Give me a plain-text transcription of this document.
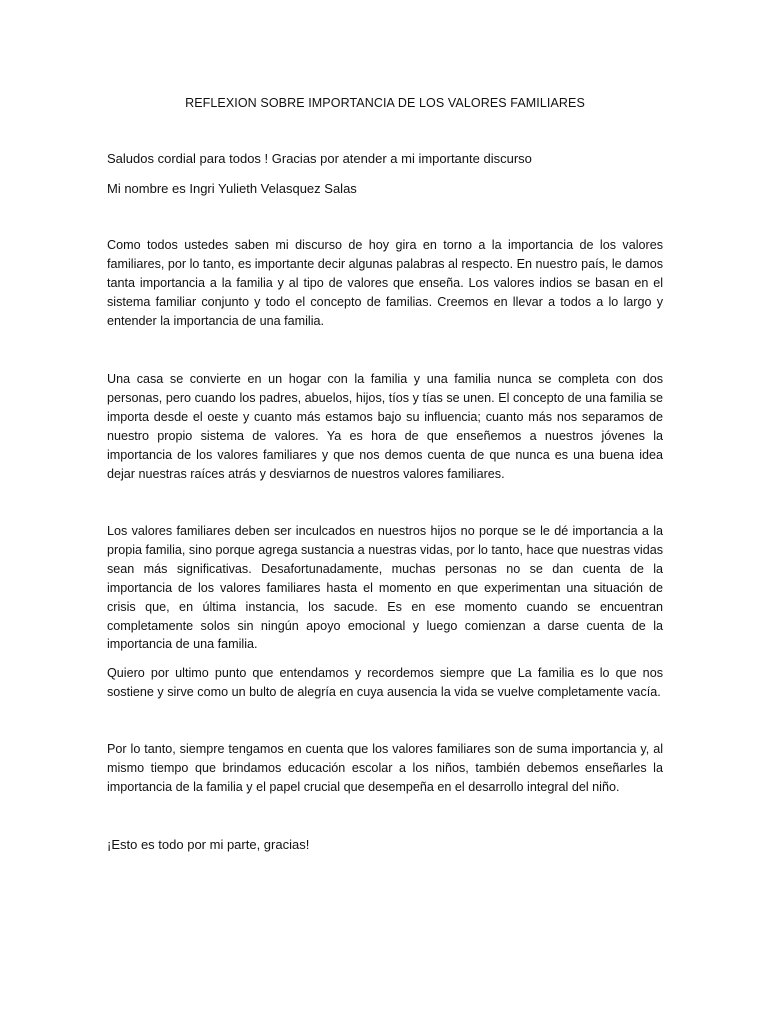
REFLEXION SOBRE IMPORTANCIA DE LOS VALORES FAMILIARES
Saludos cordial para todos ! Gracias por atender a mi importante discurso
Mi nombre es Ingri Yulieth Velasquez Salas

Como todos ustedes saben mi discurso de hoy gira en torno a la importancia de los valores familiares, por lo tanto, es importante decir algunas palabras al respecto. En nuestro país, le damos tanta importancia a la familia y al tipo de valores que enseña. Los valores indios se basan en el sistema familiar conjunto y todo el concepto de familias. Creemos en llevar a todos a lo largo y entender la importancia de una familia.

Una casa se convierte en un hogar con la familia y una familia nunca se completa con dos personas, pero cuando los padres, abuelos, hijos, tíos y tías se unen. El concepto de una familia se importa desde el oeste y cuanto más estamos bajo su influencia; cuanto más nos separamos de nuestro propio sistema de valores. Ya es hora de que enseñemos a nuestros jóvenes la importancia de los valores familiares y que nos demos cuenta de que nunca es una buena idea dejar nuestras raíces atrás y desviarnos de nuestros valores familiares.

Los valores familiares deben ser inculcados en nuestros hijos no porque se le dé importancia a la propia familia, sino porque agrega sustancia a nuestras vidas, por lo tanto, hace que nuestras vidas sean más significativas. Desafortunadamente, muchas personas no se dan cuenta de la importancia de los valores familiares hasta el momento en que experimentan una situación de crisis que, en última instancia, los sacude. Es en ese momento cuando se encuentran completamente solos sin ningún apoyo emocional y luego comienzan a darse cuenta de la importancia de una familia.

Quiero por ultimo punto que entendamos y recordemos siempre que La familia es lo que nos sostiene y sirve como un bulto de alegría en cuya ausencia la vida se vuelve completamente vacía.

Por lo tanto, siempre tengamos en cuenta que los valores familiares son de suma importancia y, al mismo tiempo que brindamos educación escolar a los niños, también debemos enseñarles la importancia de la familia y el papel crucial que desempeña en el desarrollo integral del niño.

¡Esto es todo por mi parte, gracias!
